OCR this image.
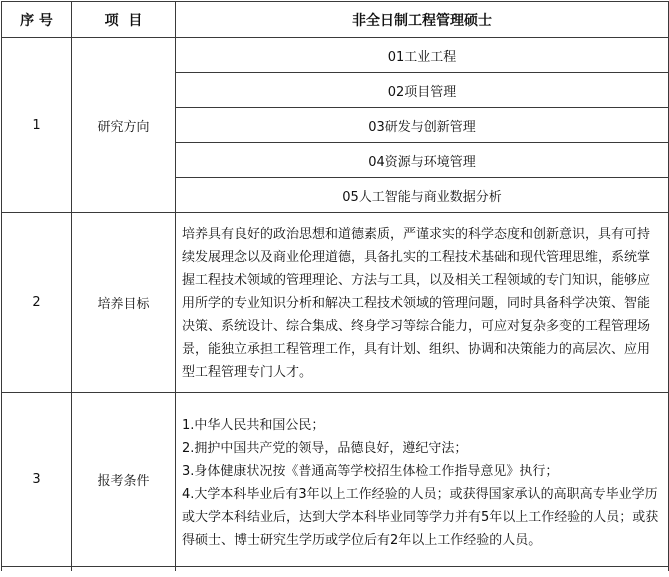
序 号	项  目	非全日制工程管理硕士
1	研究方向	01工业工程
		02项目管理
		03研发与创新管理
		04资源与环境管理
		05人工智能与商业数据分析
2	培养目标	培养具有良好的政治思想和道德素质，严谨求实的科学态度和创新意识，具有可持续发展理念以及商业伦理道德，具备扎实的工程技术基础和现代管理思维，系统掌握工程技术领域的管理理论、方法与工具，以及相关工程领域的专门知识，能够应用所学的专业知识分析和解决工程技术领域的管理问题，同时具备科学决策、智能决策、系统设计、综合集成、终身学习等综合能力，可应对复杂多变的工程管理场景，能独立承担工程管理工作，具有计划、组织、协调和决策能力的高层次、应用型工程管理专门人才。
3	报考条件	1.中华人民共和国公民；
2.拥护中国共产党的领导，品德良好，遵纪守法；
3.身体健康状况按《普通高等学校招生体检工作指导意见》执行；
4.大学本科毕业后有3年以上工作经验的人员；或获得国家承认的高职高专毕业学历或大学本科结业后，达到大学本科毕业同等学力并有5年以上工作经验的人员；或获得硕士、博士研究生学历或学位后有2年以上工作经验的人员。
